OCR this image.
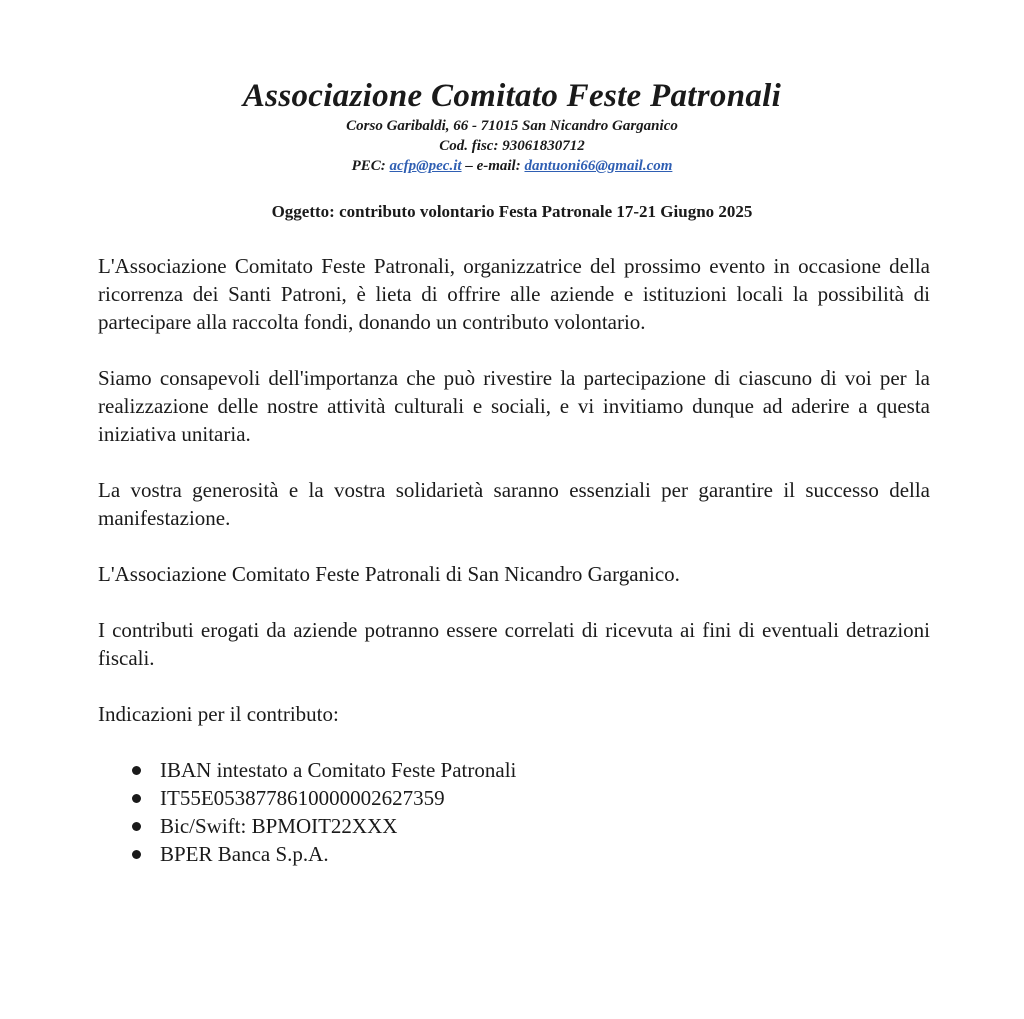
Associazione Comitato Feste Patronali

Corso Garibaldi, 66 - 71015 San Nicandro Garganico

Cod. fisc: 93061830712

PEC: acfp@pec.it – e-mail: dantuoni66@gmail.com

Oggetto: contributo volontario Festa Patronale 17-21 Giugno 2025

L'Associazione Comitato Feste Patronali, organizzatrice del prossimo evento in occasione della ricorrenza dei Santi Patroni, è lieta di offrire alle aziende e istituzioni locali la possibilità di partecipare alla raccolta fondi, donando un contributo volontario.

Siamo consapevoli dell'importanza che può rivestire la partecipazione di ciascuno di voi per la realizzazione delle nostre attività culturali e sociali, e vi invitiamo dunque ad aderire a questa iniziativa unitaria.

La vostra generosità e la vostra solidarietà saranno essenziali per garantire il successo della manifestazione.

L'Associazione Comitato Feste Patronali di San Nicandro Garganico.

I contributi erogati da aziende potranno essere correlati di ricevuta ai fini di eventuali detrazioni fiscali.

Indicazioni per il contributo:

IBAN intestato a Comitato Feste Patronali
IT55E0538778610000002627359
Bic/Swift: BPMOIT22XXX
BPER Banca S.p.A.
